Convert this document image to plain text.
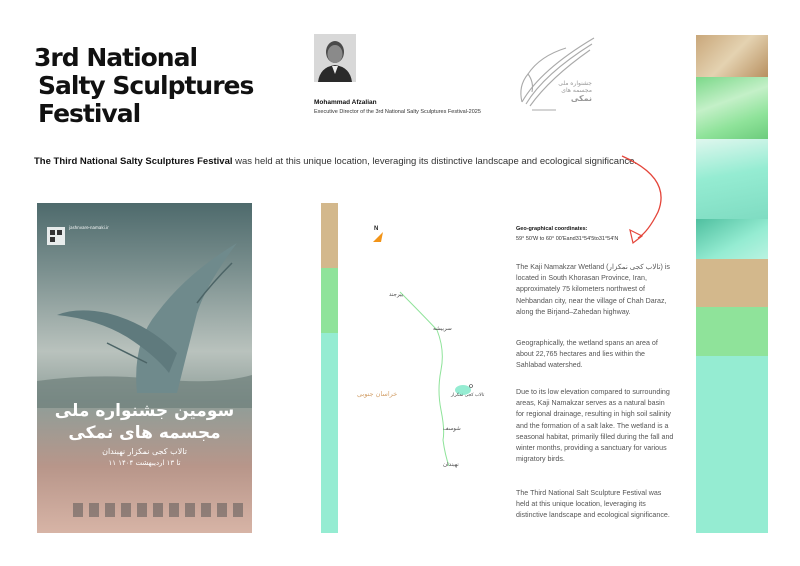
3rd National
Salty Sculptures
Festival	Mohammad Afzalian
Executive Director of the 3rd National Salty Sculptures Festival-2025
جشنواره ملی
مجسمه های
نمکی
The Third National Salty Sculptures Festival was held at this unique location, leveraging its distinctive landscape and ecological significance.
jashnvare-namaki.ir
سومین جشنواره ملی
مجسمه های نمکی
تالاب کجی نمکزار نهبندان
۱۱ تا ۱۳ اردیبهشت ۱۴۰۴
N
بیرجند
سربیشه
تالاب کجی نمکزار
خراسان جنوبی
شوسف
نهبندان
Geo-graphical coordinates:
59° 50'W to 60° 00'Eand31°54'5to31°54'N
The Kaji Namakzar Wetland (تالاب کجی نمکزار) is located in South Khorasan Province, Iran, approximately 75 kilometers northwest of Nehbandan city, near the village of Chah Daraz, along the Birjand–Zahedan highway.
Geographically, the wetland spans an area of about 22,765 hectares and lies within the Sahlabad watershed.
Due to its low elevation compared to surrounding areas, Kaji Namakzar serves as a natural basin for regional drainage, resulting in high soil salinity and the formation of a salt lake. The wetland is a seasonal habitat, primarily filled during the fall and winter months, providing a sanctuary for various migratory birds.
The Third National Salt Sculpture Festival was held at this unique location, leveraging its distinctive landscape and ecological significance.
